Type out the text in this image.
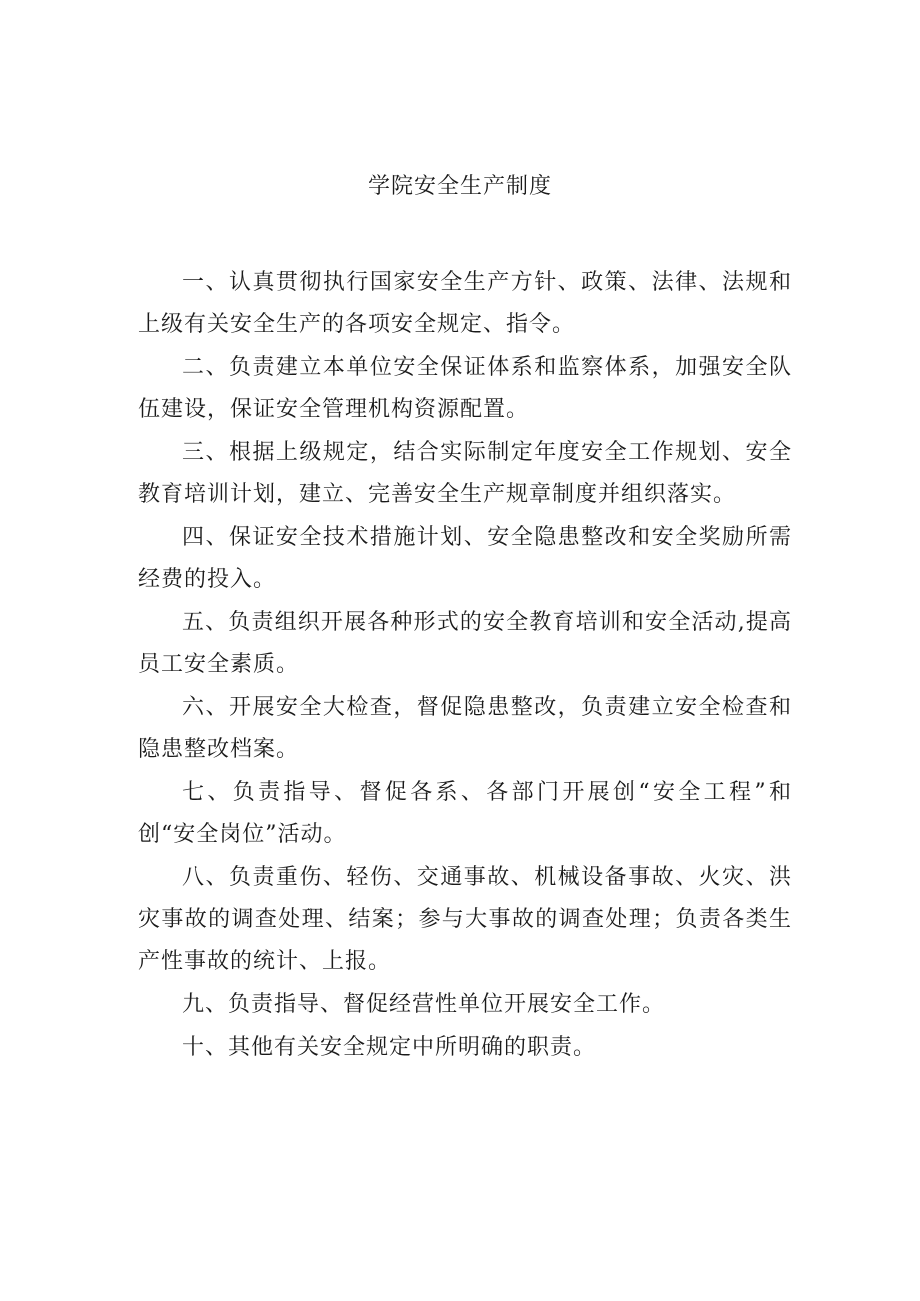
学院安全生产制度

一、认真贯彻执行国家安全生产方针、政策、法律、法规和上级有关安全生产的各项安全规定、指令。

二、负责建立本单位安全保证体系和监察体系，加强安全队伍建设，保证安全管理机构资源配置。

三、根据上级规定，结合实际制定年度安全工作规划、安全教育培训计划，建立、完善安全生产规章制度并组织落实。

四、保证安全技术措施计划、安全隐患整改和安全奖励所需经费的投入。

五、负责组织开展各种形式的安全教育培训和安全活动,提高员工安全素质。

六、开展安全大检查，督促隐患整改，负责建立安全检查和隐患整改档案。

七、负责指导、督促各系、各部门开展创“安全工程”和创“安全岗位”活动。

八、负责重伤、轻伤、交通事故、机械设备事故、火灾、洪灾事故的调查处理、结案；参与大事故的调查处理；负责各类生产性事故的统计、上报。

九、负责指导、督促经营性单位开展安全工作。

十、其他有关安全规定中所明确的职责。
